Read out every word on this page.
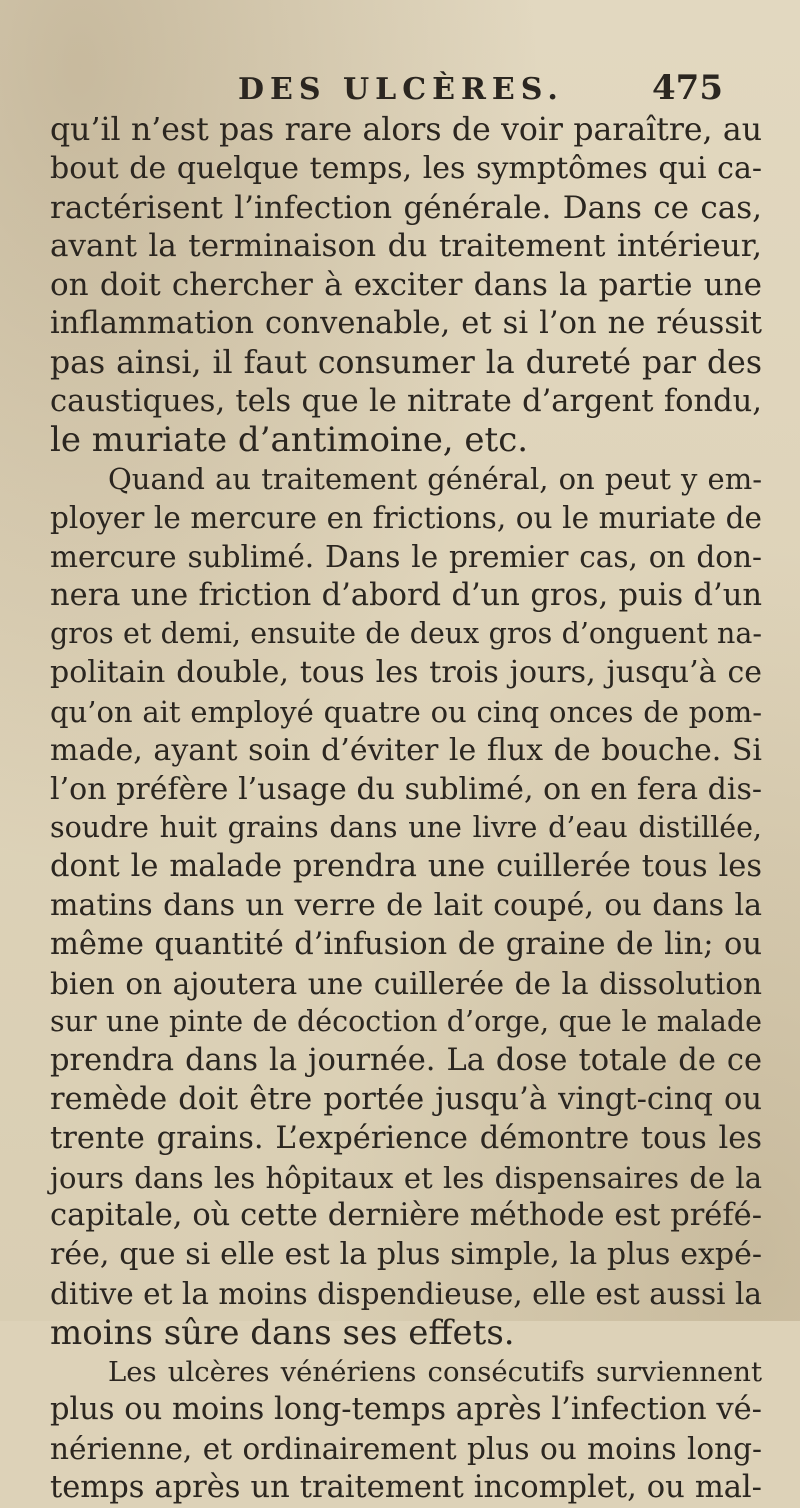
DES ULCÈRES.	475
qu’il n’est pas rare alors de voir paraître, au
bout de quelque temps, les symptômes qui ca-
ractérisent l’infection générale. Dans ce cas,
avant la terminaison du traitement intérieur,
on doit chercher à exciter dans la partie une
inflammation convenable, et si l’on ne réussit
pas ainsi, il faut consumer la dureté par des
caustiques, tels que le nitrate d’argent fondu,
le muriate d’antimoine, etc.
Quand au traitement général, on peut y em-
ployer le mercure en frictions, ou le muriate de
mercure sublimé. Dans le premier cas, on don-
nera une friction d’abord d’un gros, puis d’un
gros et demi, ensuite de deux gros d’onguent na-
politain double, tous les trois jours, jusqu’à ce
qu’on ait employé quatre ou cinq onces de pom-
made, ayant soin d’éviter le flux de bouche. Si
l’on préfère l’usage du sublimé, on en fera dis-
soudre huit grains dans une livre d’eau distillée,
dont le malade prendra une cuillerée tous les
matins dans un verre de lait coupé, ou dans la
même quantité d’infusion de graine de lin; ou
bien on ajoutera une cuillerée de la dissolution
sur une pinte de décoction d’orge, que le malade
prendra dans la journée. La dose totale de ce
remède doit être portée jusqu’à vingt-cinq ou
trente grains. L’expérience démontre tous les
jours dans les hôpitaux et les dispensaires de la
capitale, où cette dernière méthode est préfé-
rée, que si elle est la plus simple, la plus expé-
ditive et la moins dispendieuse, elle est aussi la
moins sûre dans ses effets.
Les ulcères vénériens consécutifs surviennent
plus ou moins long-temps après l’infection vé-
nérienne, et ordinairement plus ou moins long-
temps après un traitement incomplet, ou mal-
